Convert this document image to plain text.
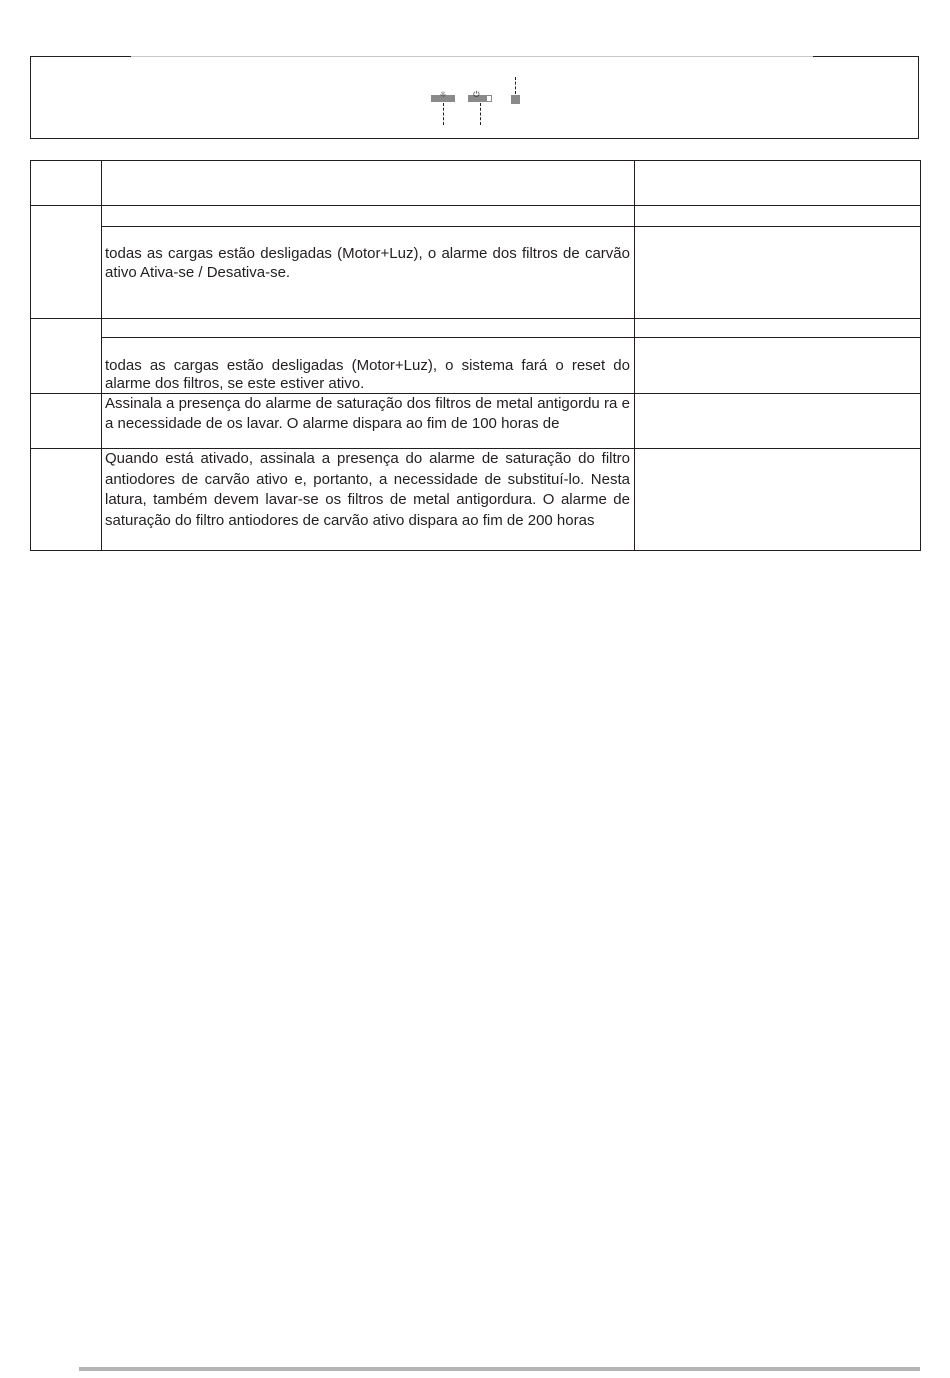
☼	⏻

	todas as cargas estão desligadas (Motor+Luz), o alarme dos filtros de carvão ativo Ativa-se / Desativa-se.	

	todas as cargas estão desligadas (Motor+Luz), o sistema fará o reset do alarme dos filtros, se este estiver ativo.	

	Assinala a presença do alarme de saturação dos filtros de metal antigordu ra e a necessidade de os lavar. O alarme dispara ao fim de 100 horas de	

	Quando está ativado, assinala a presença do alarme de saturação do filtro antiodores de carvão ativo e, portanto, a necessidade de substituí-lo. Nesta latura, também devem lavar-se os filtros de metal antigordura. O alarme de saturação do filtro antiodores de carvão ativo dispara ao fim de 200 horas	
